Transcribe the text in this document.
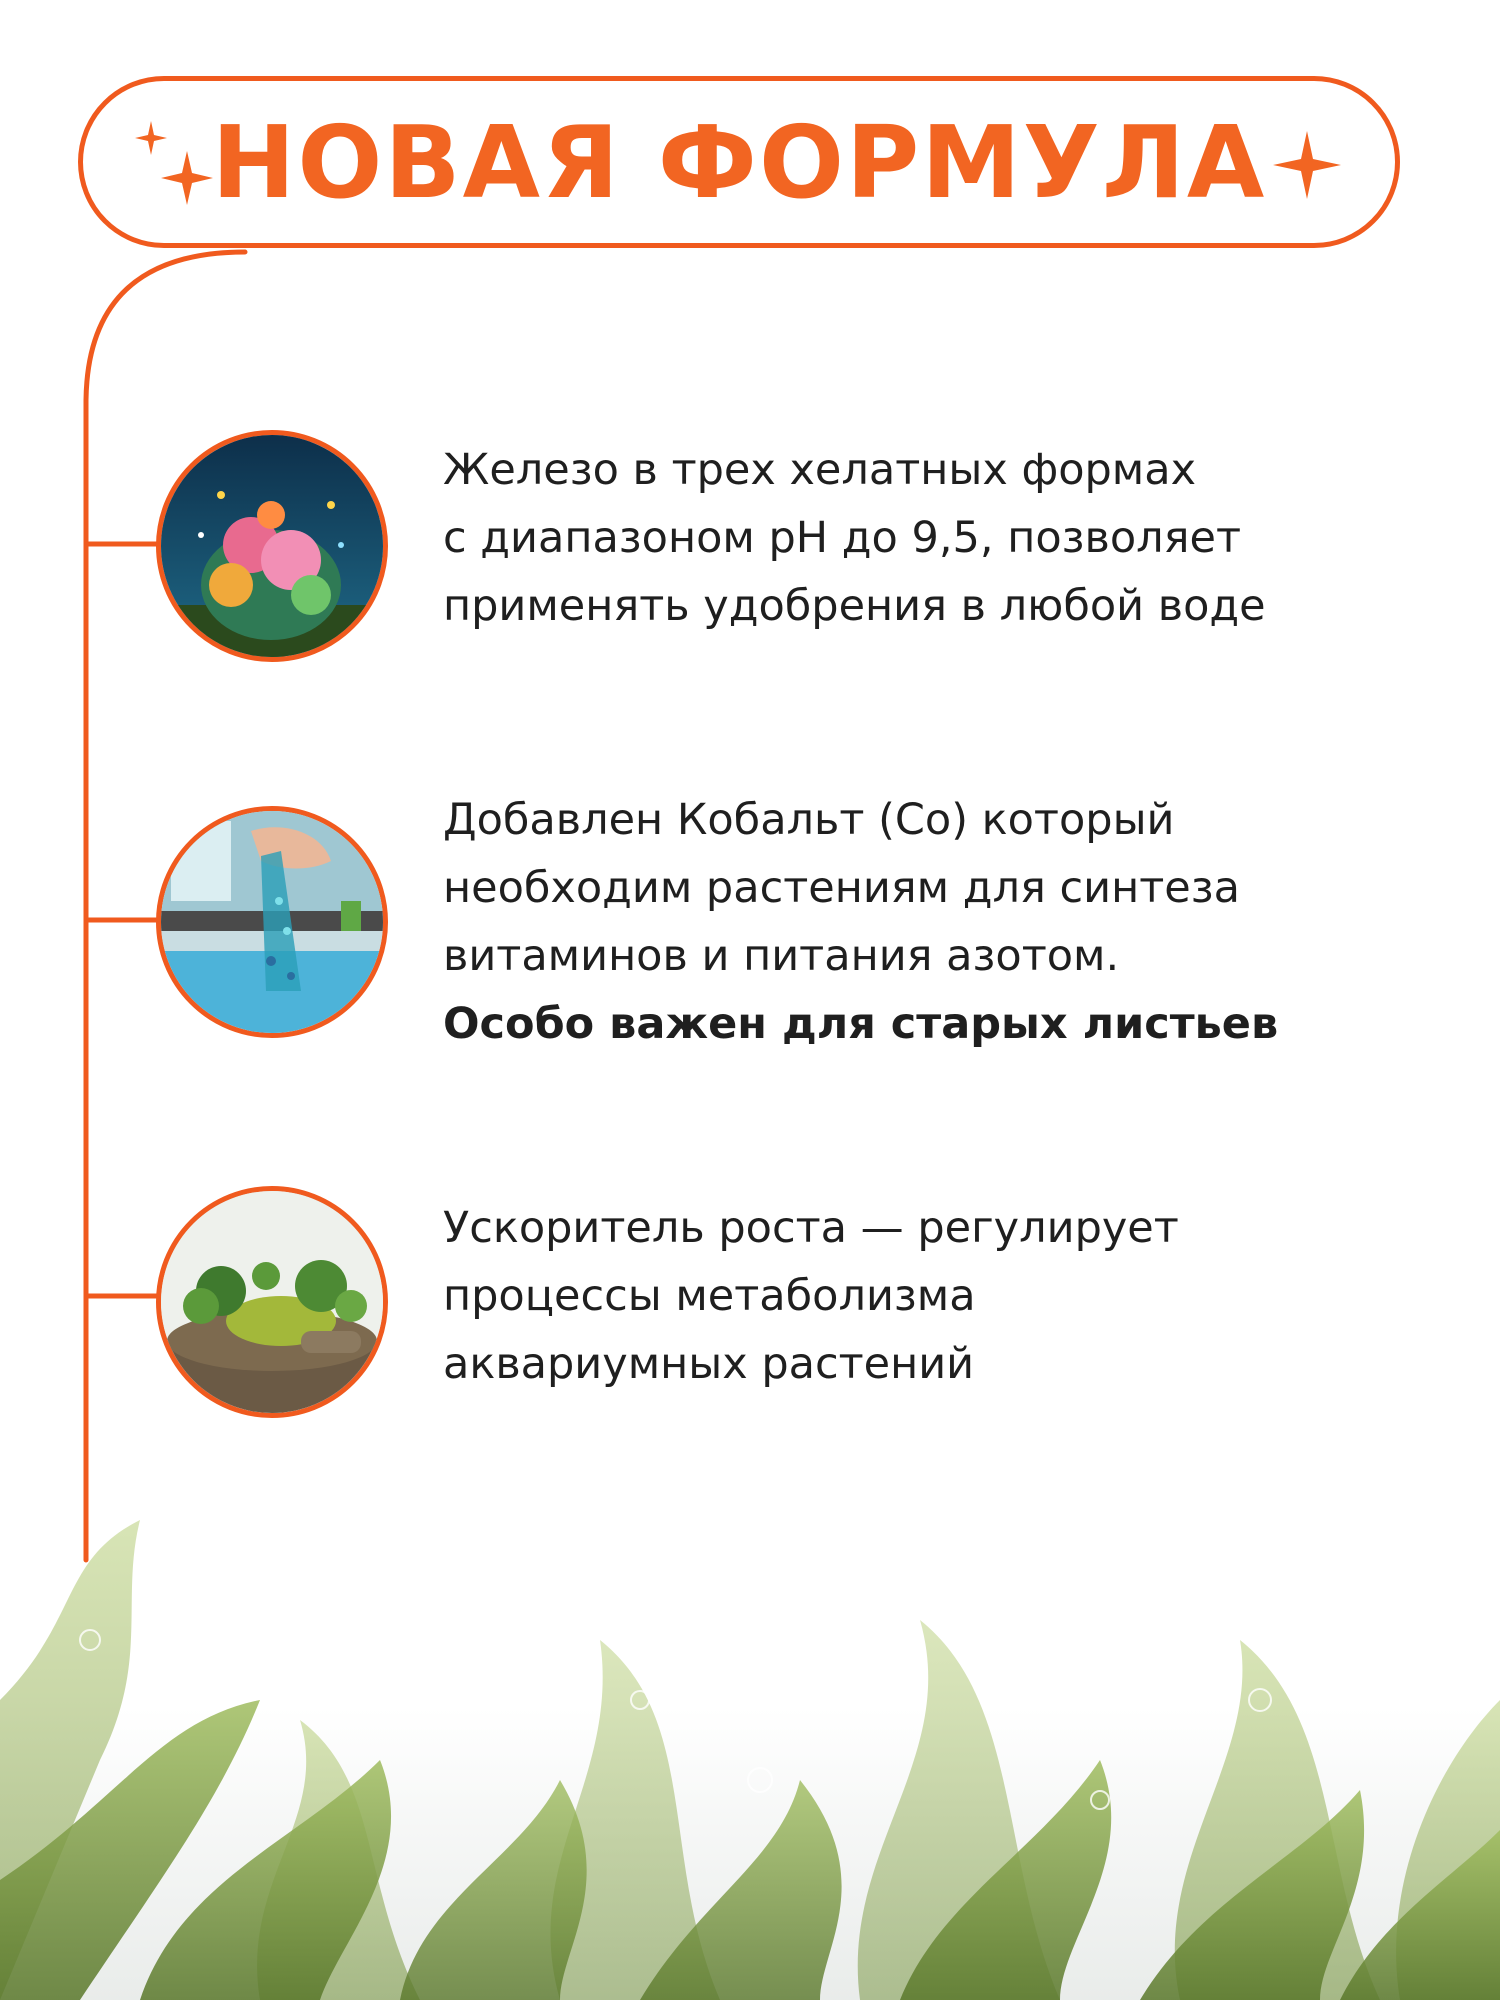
НОВАЯ ФОРМУЛА
Железо в трех хелатных формах
с диапазоном pH до 9,5, позволяет
применять удобрения в любой воде
Добавлен Кобальт (Co) который
необходим растениям для синтеза
витаминов и питания азотом.
Особо важен для старых листьев
Ускоритель роста — регулирует
процессы метаболизма
аквариумных растений
